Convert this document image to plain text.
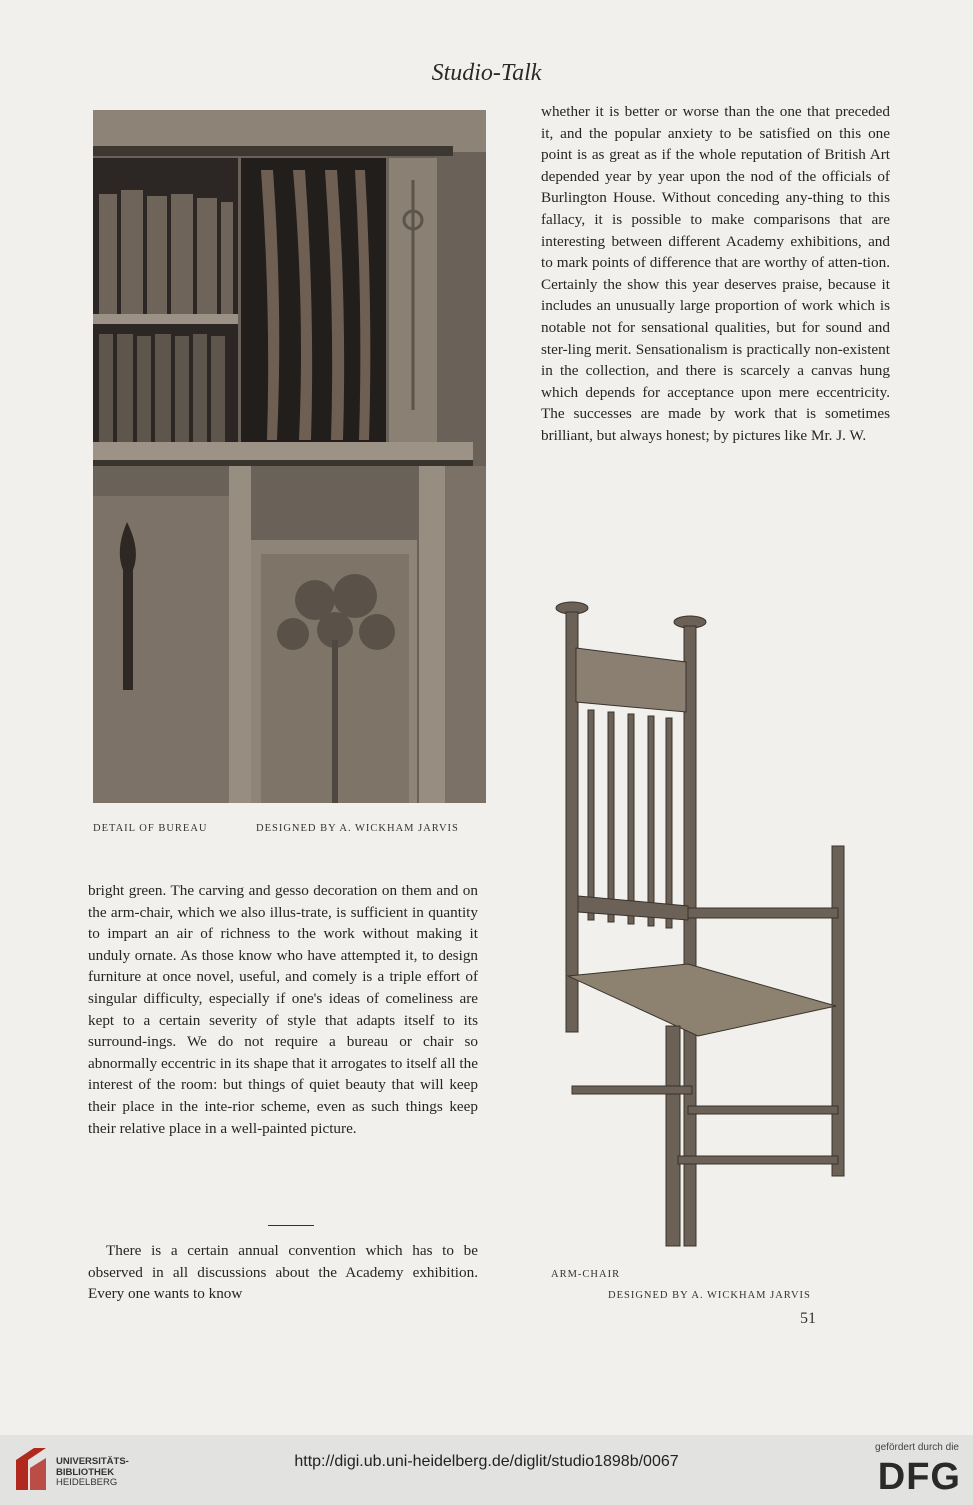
Studio-Talk
DETAIL OF BUREAU	DESIGNED BY A. WICKHAM JARVIS

whether it is better or worse than the one that preceded it, and the popular anxiety to be satisfied on this one point is as great as if the whole reputation of British Art depended year by year upon the nod of the officials of Burlington House. Without conceding any-thing to this fallacy, it is possible to make comparisons that are interesting between different Academy exhibitions, and to mark points of difference that are worthy of atten-tion. Certainly the show this year deserves praise, because it includes an unusually large proportion of work which is notable not for sensational qualities, but for sound and ster-ling merit. Sensationalism is practically non-existent in the collection, and there is scarcely a canvas hung which depends for acceptance upon mere eccentricity. The successes are made by work that is sometimes brilliant, but always honest; by pictures like Mr. J. W.

ARM-CHAIR
DESIGNED BY A. WICKHAM JARVIS

bright green. The carving and gesso decoration on them and on the arm-chair, which we also illus-trate, is sufficient in quantity to impart an air of richness to the work without making it unduly ornate. As those know who have attempted it, to design furniture at once novel, useful, and comely is a triple effort of singular difficulty, especially if one's ideas of comeliness are kept to a certain severity of style that adapts itself to its surround-ings. We do not require a bureau or chair so abnormally eccentric in its shape that it arrogates to itself all the interest of the room: but things of quiet beauty that will keep their place in the inte-rior scheme, even as such things keep their relative place in a well-painted picture.

There is a certain annual convention which has to be observed in all discussions about the Academy exhibition. Every one wants to know

51
UNIVERSITÄTS-
BIBLIOTHEK
HEIDELBERG
http://digi.ub.uni-heidelberg.de/diglit/studio1898b/0067
gefördert durch die
DFG
